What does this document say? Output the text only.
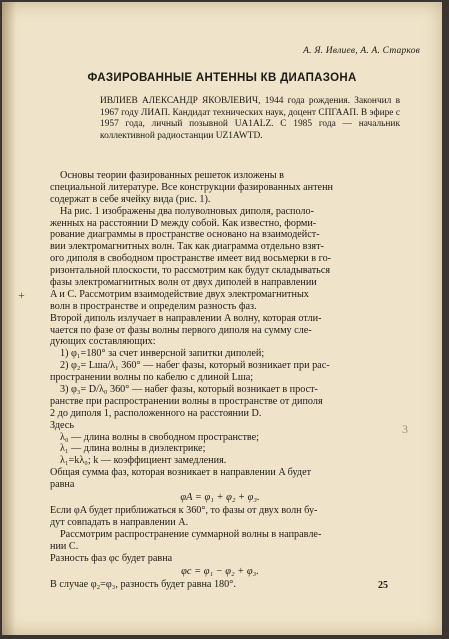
А. Я. Ивлиев, А. А. Старков
ФАЗИРОВАННЫЕ АНТЕННЫ КВ ДИАПАЗОНА
ИВЛИЕВ АЛЕКСАНДР ЯКОВЛЕВИЧ, 1944 года рождения. Закончил в 1967 году ЛИАП. Кандидат технических наук, доцент СПГААП. В эфире с 1957 года, личный позывной UA1ALZ. С 1985 года — начальник коллективной радиостанции UZ1AWTD.
Основы теории фазированных решеток изложены в
специальной литературе. Все конструкции фазированных антенн
содержат в себе ячейку вида (рис. 1).
На рис. 1 изображены два полуволновых диполя, располо-
женных на расстоянии D между собой. Как известно, форми-
рование диаграммы в пространстве основано на взаимодейст-
вии электромагнитных волн. Так как диаграмма отдельно взят-
ого диполя в свободном пространстве имеет вид восьмерки в го-
ризонтальной плоскости, то рассмотрим как будут складываться
фазы электромагнитных волн от двух диполей в направлении
A и C. Рассмотрим взаимодействие двух электромагнитных
волн в пространстве и определим разность фаз.
Второй диполь излучает в направлении A волну, которая отли-
чается по фазе от фазы волны первого диполя на сумму сле-
дующих составляющих:
1) φ₁=180° за счет инверсной запитки диполей;
2) φ₂= Lша/λ₁ 360° — набег фазы, который возникает при рас-
пространении волны по кабелю с длиной Lша;
3) φ₃= D/λ₀ 360° — набег фазы, который возникает в прост-
ранстве при распространении волны в пространстве от диполя
2 до диполя 1, расположенного на расстоянии D.
Здесь
λ₀ — длина волны в свободном пространстве;
λ₁ — длина волны в диэлектрике;
λ₁=kλ₀; k — коэффициент замедления.
Общая сумма фаз, которая возникает в направлении A будет
равна
φA = φ₁ + φ₂ + φ₃.
Если φA будет приближаться к 360°, то фазы от двух волн бу-
дут совпадать в направлении A.
Рассмотрим распространение суммарной волны в направле-
нии C.
Разность фаз φc будет равна
φc = φ₁ − φ₂ + φ₃.
В случае φ₂=φ₃, разность будет равна 180°.
+
3
25
